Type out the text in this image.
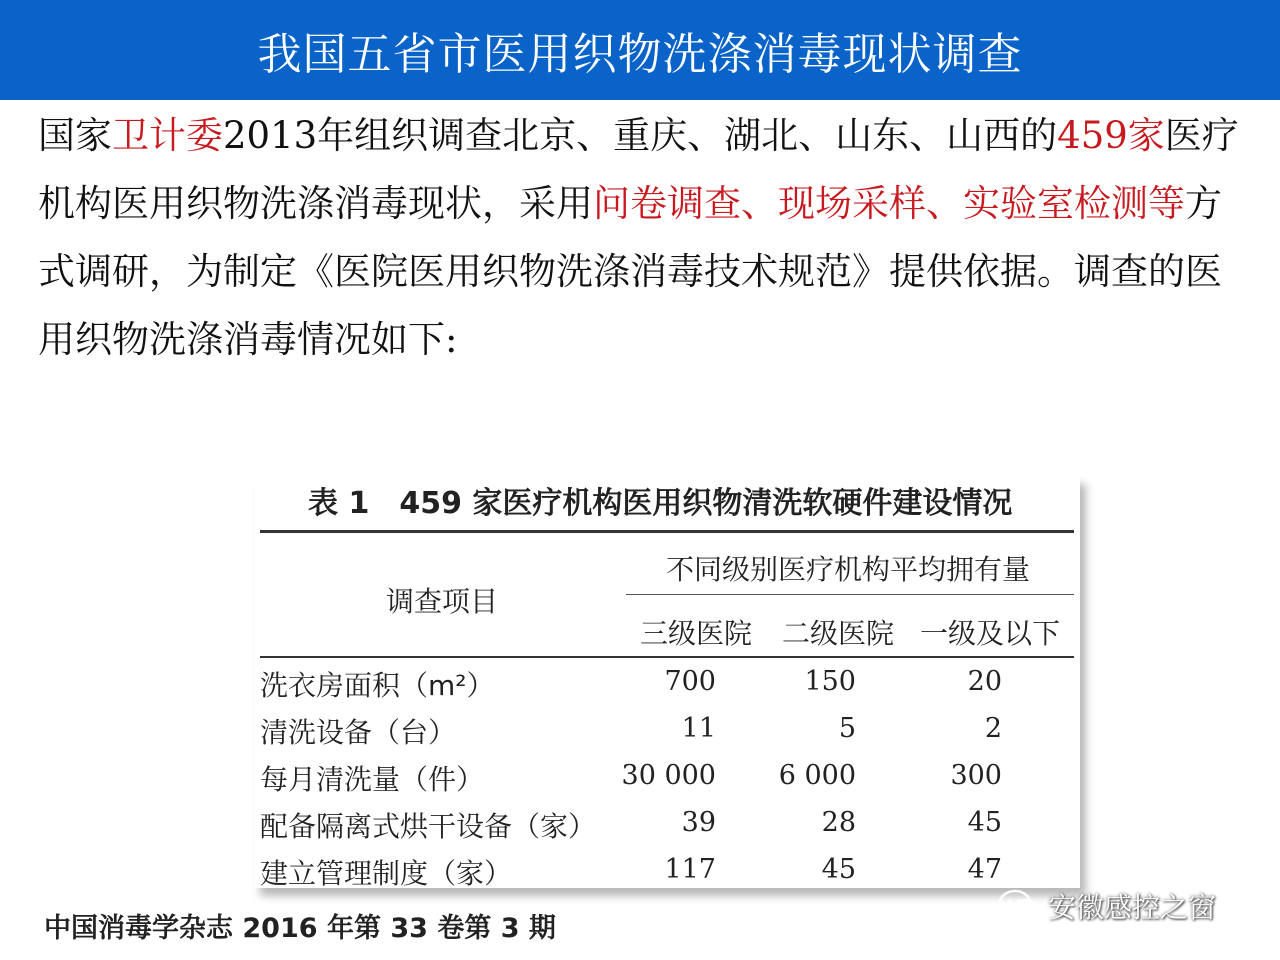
我国五省市医用织物洗涤消毒现状调查
国家卫计委2013年组织调查北京、重庆、湖北、山东、山西的459家医疗机构医用织物洗涤消毒现状，采用问卷调查、现场采样、实验室检测等方式调研，为制定《医院医用织物洗涤消毒技术规范》提供依据。调查的医用织物洗涤消毒情况如下:
表 1　459 家医疗机构医用织物清洗软硬件建设情况
调查项目
不同级别医疗机构平均拥有量
三级医院 二级医院 一级及以下
洗衣房面积（m²）	700	150	20
清洗设备（台）	11	5	2
每月清洗量（件）	30 000	6 000	300
配备隔离式烘干设备（家）	39	28	45
建立管理制度（家）	117	45	47
中国消毒学杂志 2016 年第 33 卷第 3 期
安徽感控之窗
